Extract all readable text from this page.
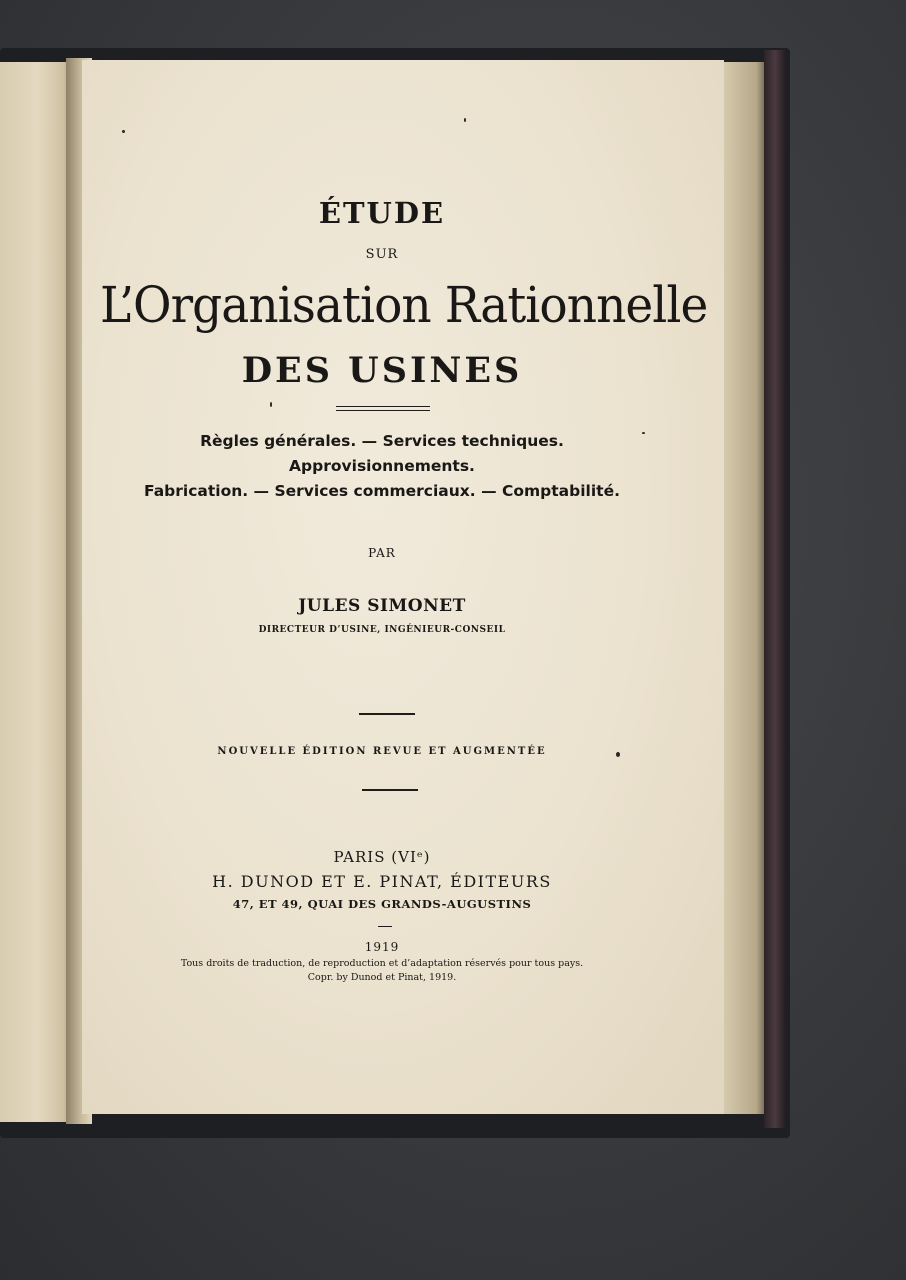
ÉTUDE
SUR
L’Organisation Rationnelle
DES USINES
Règles générales. — Services techniques.
Approvisionnements.
Fabrication. — Services commerciaux. — Comptabilité.
PAR
JULES SIMONET
DIRECTEUR D’USINE, INGÉNIEUR-CONSEIL
NOUVELLE ÉDITION REVUE ET AUGMENTÉE
PARIS (VIᵉ)
H. DUNOD ET E. PINAT, ÉDITEURS
47, ET 49, QUAI DES GRANDS-AUGUSTINS
1919
Tous droits de traduction, de reproduction et d’adaptation réservés pour tous pays.
Copr. by Dunod et Pinat, 1919.
